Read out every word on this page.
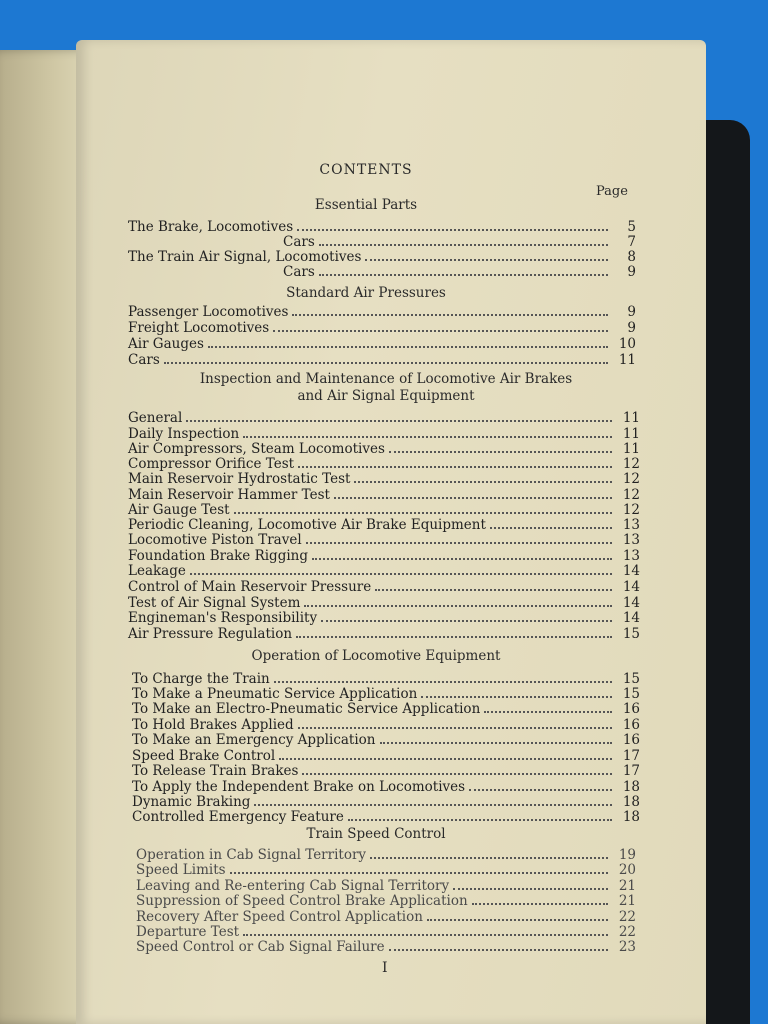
CONTENTS
Page
I
Essential Parts
The Brake, Locomotives	5
Cars	7
The Train Air Signal, Locomotives	8
Cars	9
Standard Air Pressures
Passenger Locomotives	9
Freight Locomotives	9
Air Gauges	10
Cars	11
Inspection and Maintenance of Locomotive Air Brakes
and Air Signal Equipment
General	11
Daily Inspection	11
Air Compressors, Steam Locomotives	11
Compressor Orifice Test	12
Main Reservoir Hydrostatic Test	12
Main Reservoir Hammer Test	12
Air Gauge Test	12
Periodic Cleaning, Locomotive Air Brake Equipment	13
Locomotive Piston Travel	13
Foundation Brake Rigging	13
Leakage	14
Control of Main Reservoir Pressure	14
Test of Air Signal System	14
Engineman's Responsibility	14
Air Pressure Regulation	15
Operation of Locomotive Equipment
To Charge the Train	15
To Make a Pneumatic Service Application	15
To Make an Electro-Pneumatic Service Application	16
To Hold Brakes Applied	16
To Make an Emergency Application	16
Speed Brake Control	17
To Release Train Brakes	17
To Apply the Independent Brake on Locomotives	18
Dynamic Braking	18
Controlled Emergency Feature	18
Train Speed Control
Operation in Cab Signal Territory	19
Speed Limits	20
Leaving and Re-entering Cab Signal Territory	21
Suppression of Speed Control Brake Application	21
Recovery After Speed Control Application	22
Departure Test	22
Speed Control or Cab Signal Failure	23
